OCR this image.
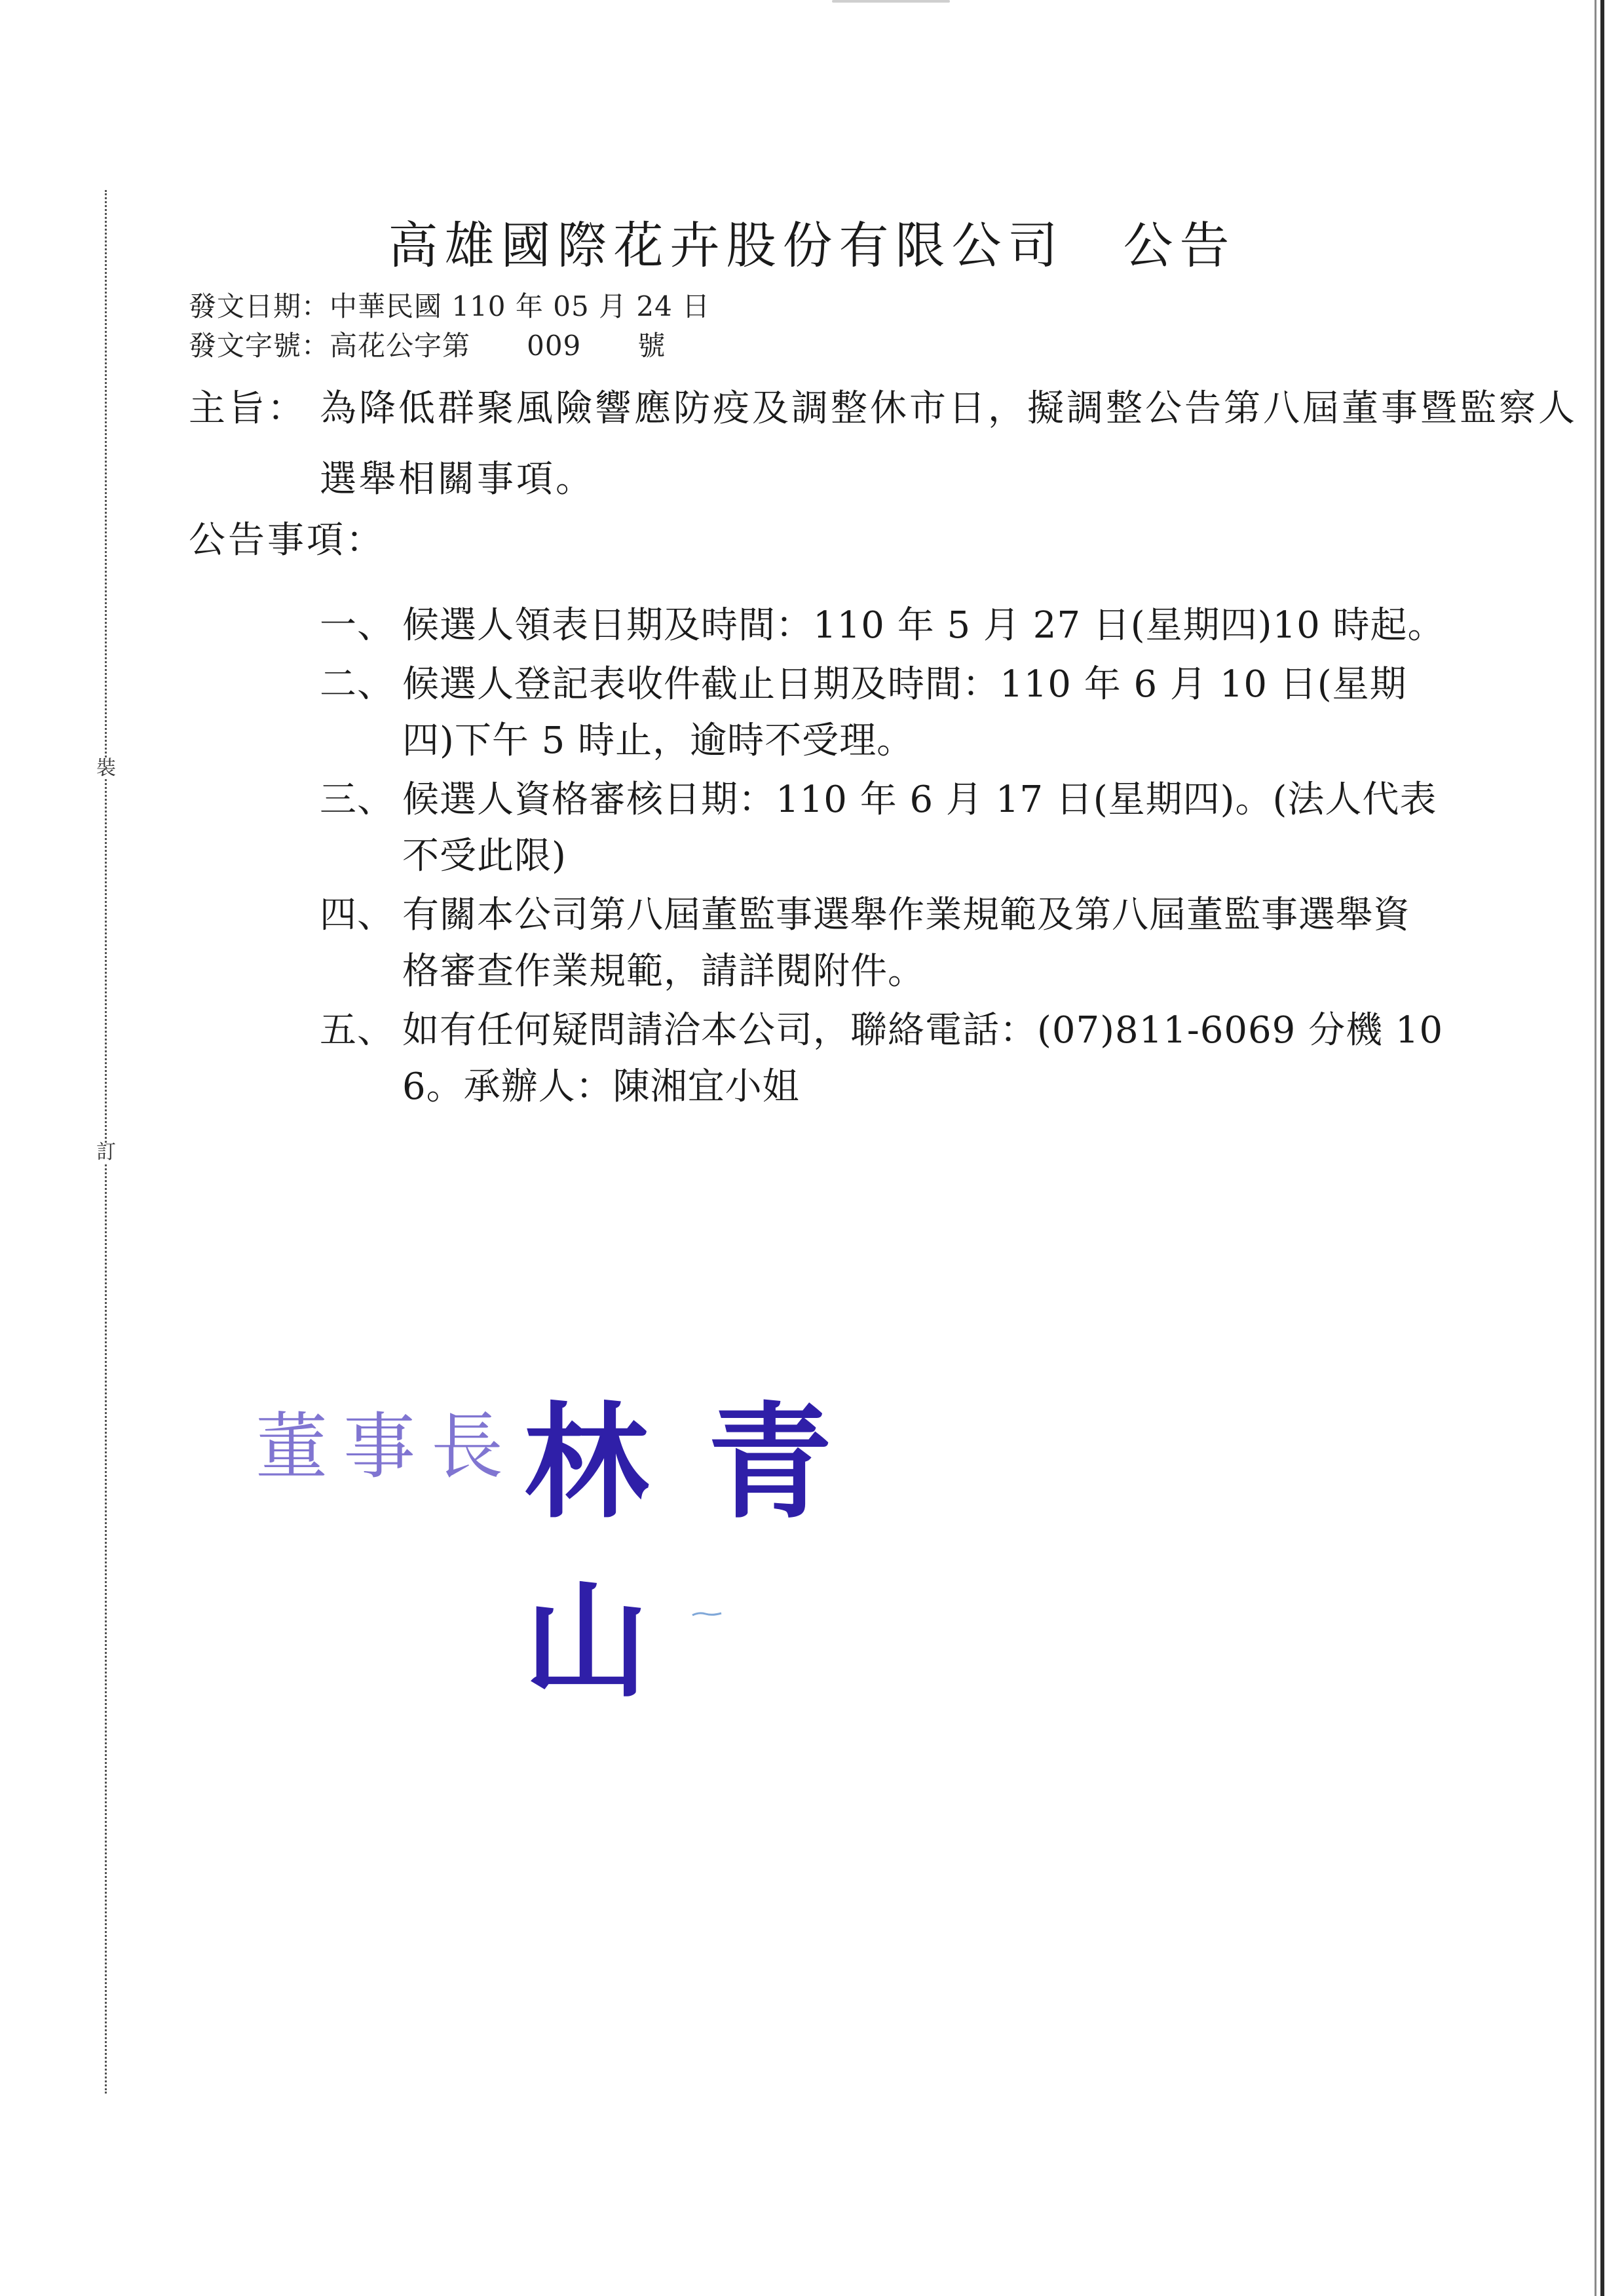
裝
訂
高雄國際花卉股份有限公司 公告
發文日期：中華民國 110 年 05 月 24 日
發文字號：高花公字第      009      號
主旨： 為降低群聚風險響應防疫及調整休市日，擬調整公告第八屆董事暨監察人選舉相關事項。
公告事項：
一、 候選人領表日期及時間：110 年 5 月 27 日(星期四)10 時起。
二、 候選人登記表收件截止日期及時間：110 年 6 月 10 日(星期四)下午 5 時止，逾時不受理。
三、 候選人資格審核日期：110 年 6 月 17 日(星期四)。(法人代表不受此限)
四、 有關本公司第八屆董監事選舉作業規範及第八屆董監事選舉資格審查作業規範，請詳閱附件。
五、 如有任何疑問請洽本公司，聯絡電話：(07)811-6069 分機 106。承辦人：陳湘宜小姐
董事長 林青山
